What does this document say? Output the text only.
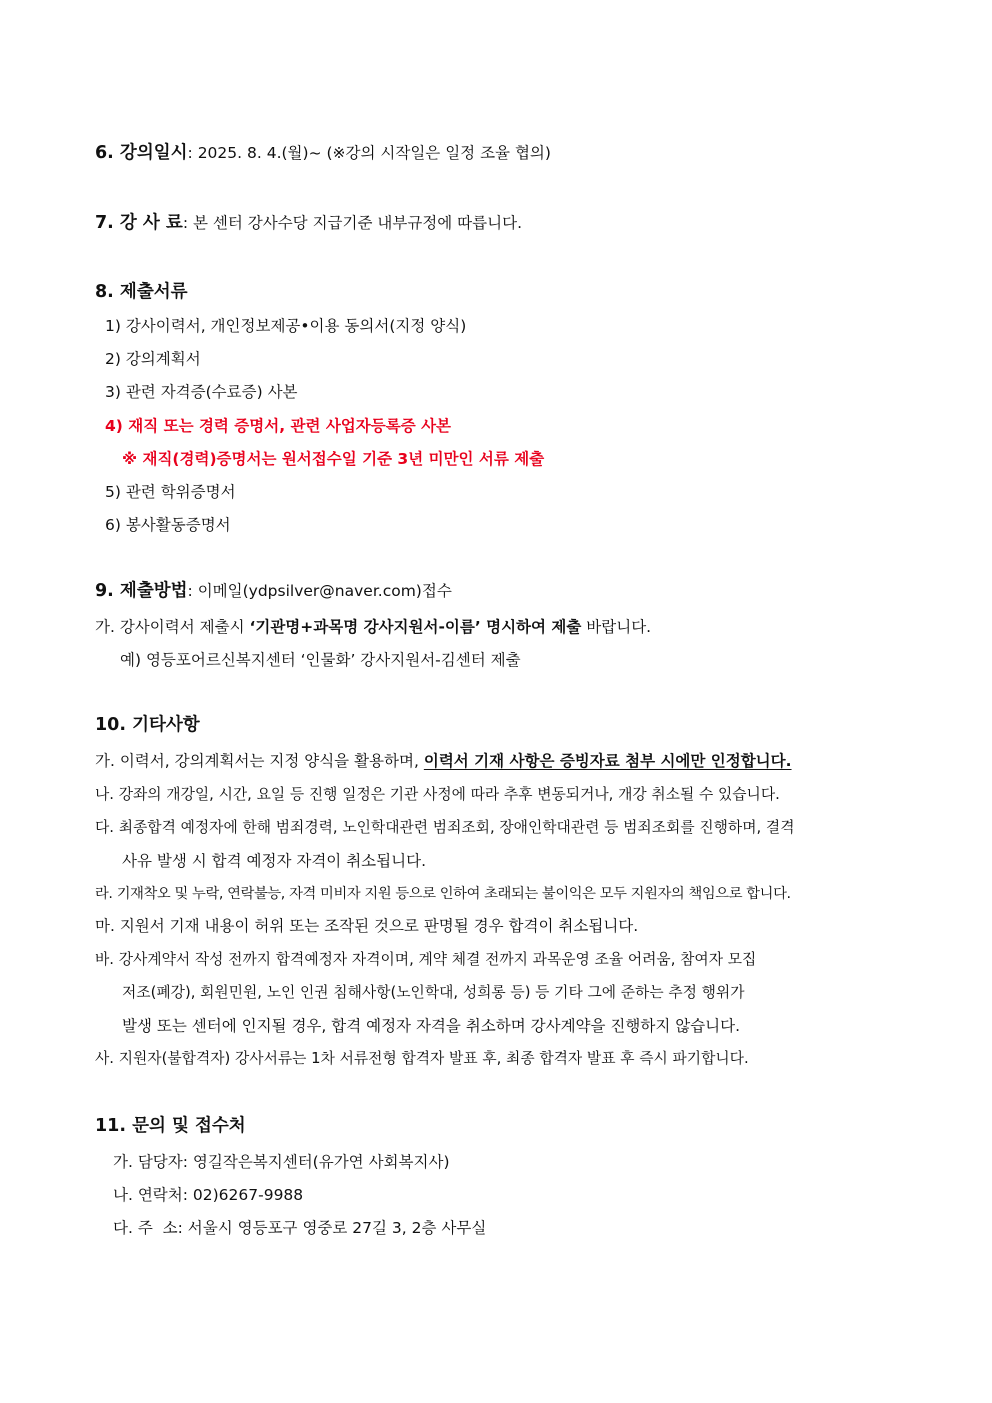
6. 강의일시: 2025. 8. 4.(월)~ (※강의 시작일은 일정 조율 협의)
7. 강 사 료: 본 센터 강사수당 지급기준 내부규정에 따릅니다.
8. 제출서류
1) 강사이력서, 개인정보제공•이용 동의서(지정 양식)
2) 강의계획서
3) 관련 자격증(수료증) 사본
4) 재직 또는 경력 증명서, 관련 사업자등록증 사본
※ 재직(경력)증명서는 원서접수일 기준 3년 미만인 서류 제출
5) 관련 학위증명서
6) 봉사활동증명서
9. 제출방법: 이메일(ydpsilver@naver.com)접수
가. 강사이력서 제출시 ‘기관명+과목명 강사지원서-이름’ 명시하여 제출 바랍니다.
예) 영등포어르신복지센터 ‘인물화’ 강사지원서-김센터 제출
10. 기타사항
가. 이력서, 강의계획서는 지정 양식을 활용하며, 이력서 기재 사항은 증빙자료 첨부 시에만 인정합니다.
나. 강좌의 개강일, 시간, 요일 등 진행 일정은 기관 사정에 따라 추후 변동되거나, 개강 취소될 수 있습니다.
다. 최종합격 예정자에 한해 범죄경력, 노인학대관련 범죄조회, 장애인학대관련 등 범죄조회를 진행하며, 결격
사유 발생 시 합격 예정자 자격이 취소됩니다.
라. 기재착오 및 누락, 연락불능, 자격 미비자 지원 등으로 인하여 초래되는 불이익은 모두 지원자의 책임으로 합니다.
마. 지원서 기재 내용이 허위 또는 조작된 것으로 판명될 경우 합격이 취소됩니다.
바. 강사계약서 작성 전까지 합격예정자 자격이며, 계약 체결 전까지 과목운영 조율 어려움, 참여자 모집
저조(폐강), 회원민원, 노인 인권 침해사항(노인학대, 성희롱 등) 등 기타 그에 준하는 추정 행위가
발생 또는 센터에 인지될 경우, 합격 예정자 자격을 취소하며 강사계약을 진행하지 않습니다.
사. 지원자(불합격자) 강사서류는 1차 서류전형 합격자 발표 후, 최종 합격자 발표 후 즉시 파기합니다.
11. 문의 및 접수처
가. 담당자: 영길작은복지센터(유가연 사회복지사)
나. 연락처: 02)6267-9988
다. 주  소: 서울시 영등포구 영중로 27길 3, 2층 사무실
